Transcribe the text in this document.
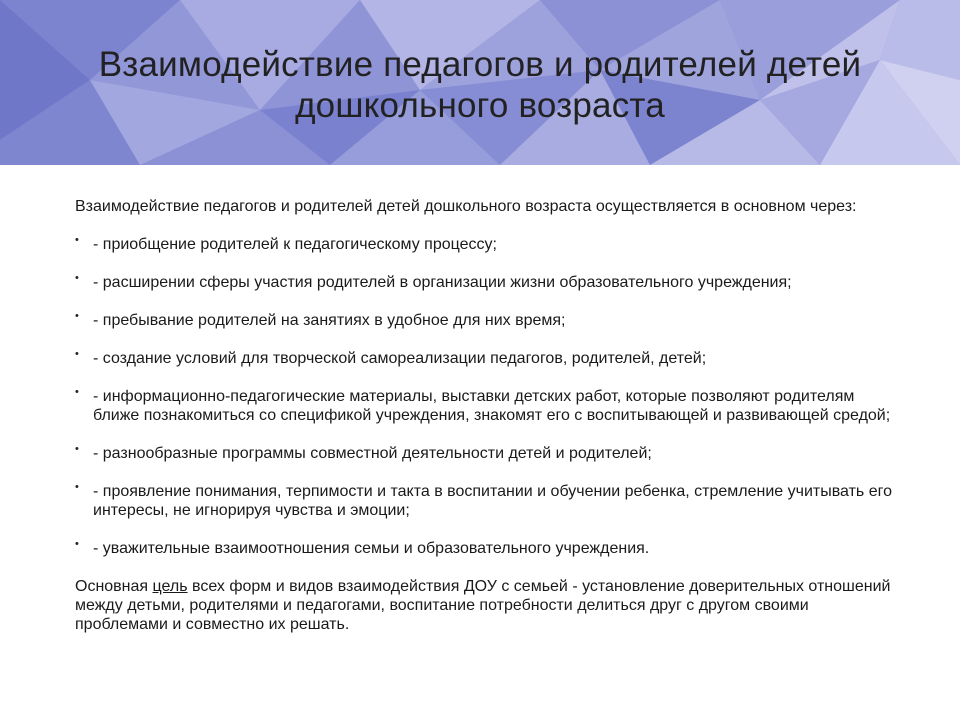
Взаимодействие педагогов и родителей детей
дошкольного возраста

Взаимодействие педагогов и родителей детей дошкольного возраста осуществляется в основном через:

• - приобщение родителей к педагогическому процессу;
• - расширении сферы участия родителей в организации жизни образовательного учреждения;
• - пребывание родителей на занятиях в удобное для них время;
• - создание условий для творческой самореализации педагогов, родителей, детей;
• - информационно-педагогические материалы, выставки детских работ, которые позволяют родителям ближе познакомиться со спецификой учреждения, знакомят его с воспитывающей и развивающей средой;
• - разнообразные программы совместной деятельности детей и родителей;
• - проявление понимания, терпимости и такта в воспитании и обучении ребенка, стремление учитывать его интересы, не игнорируя чувства и эмоции;
• - уважительные взаимоотношения семьи и образовательного учреждения.

Основная цель всех форм и видов взаимодействия ДОУ с семьей - установление доверительных отношений между детьми, родителями и педагогами, воспитание потребности делиться друг с другом своими проблемами и совместно их решать.
